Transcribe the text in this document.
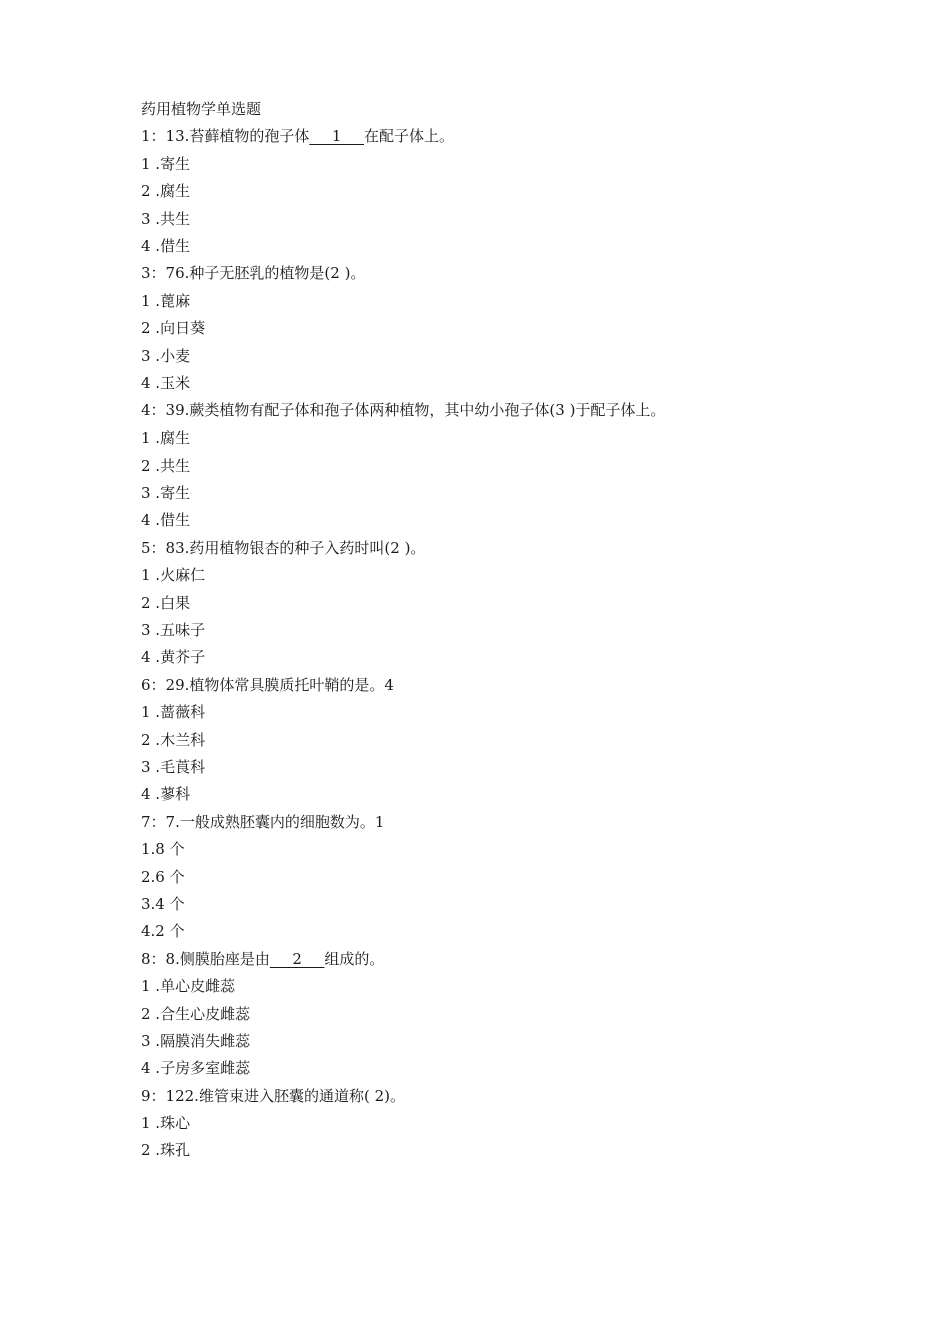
药用植物学单选题
1：13.苔藓植物的孢子体___1___在配子体上。
1 .寄生
2 .腐生
3 .共生
4 .借生
3：76.种子无胚乳的植物是(2 )。
1 .蓖麻
2 .向日葵
3 .小麦
4 .玉米
4：39.蕨类植物有配子体和孢子体两种植物，其中幼小孢子体(3 )于配子体上。
1 .腐生
2 .共生
3 .寄生
4 .借生
5：83.药用植物银杏的种子入药时叫(2 )。
1 .火麻仁
2 .白果
3 .五味子
4 .黄芥子
6：29.植物体常具膜质托叶鞘的是。4
1 .蔷薇科
2 .木兰科
3 .毛莨科
4 .蓼科
7：7.一般成熟胚囊内的细胞数为。1
1.8 个
2.6 个
3.4 个
4.2 个
8：8.侧膜胎座是由___2___组成的。
1 .单心皮雌蕊
2 .合生心皮雌蕊
3 .隔膜消失雌蕊
4 .子房多室雌蕊
9：122.维管束进入胚囊的通道称( 2)。
1 .珠心
2 .珠孔
